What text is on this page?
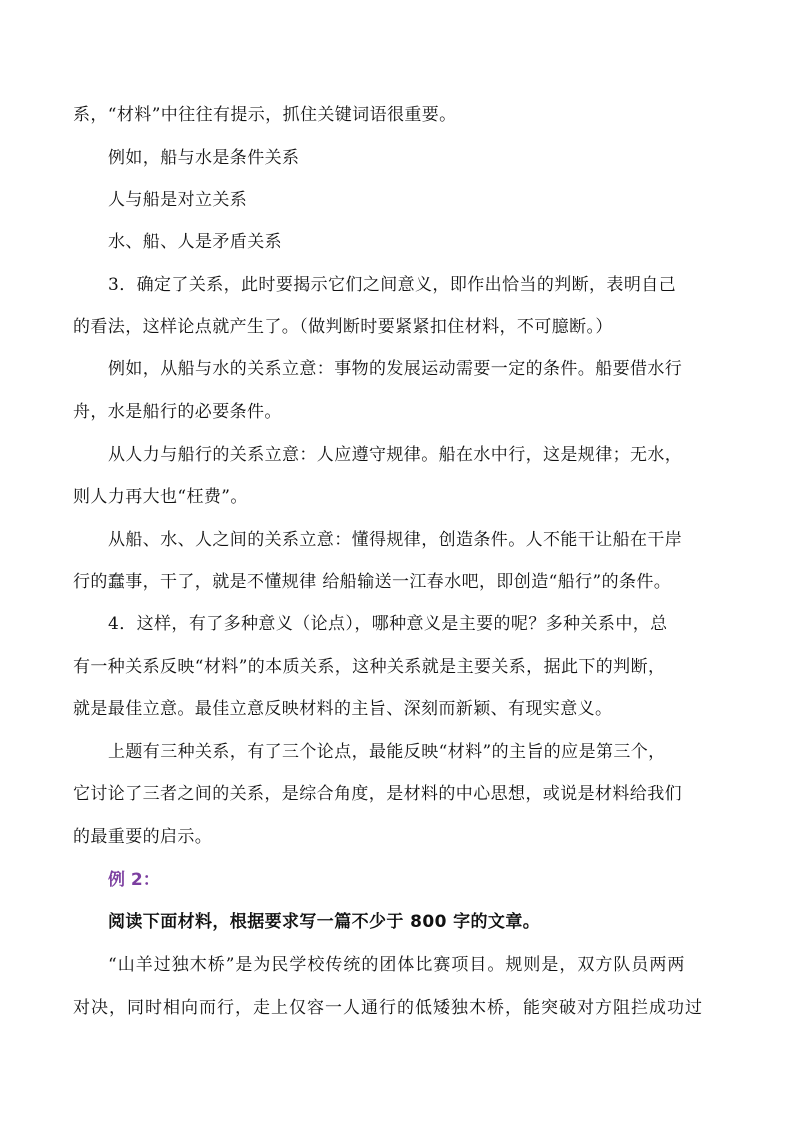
系，“材料”中往往有提示，抓住关键词语很重要。
例如，船与水是条件关系
人与船是对立关系
水、船、人是矛盾关系
3．确定了关系，此时要揭示它们之间意义，即作出恰当的判断，表明自己
的看法，这样论点就产生了。（做判断时要紧紧扣住材料，不可臆断。）
例如，从船与水的关系立意：事物的发展运动需要一定的条件。船要借水行
舟，水是船行的必要条件。
从人力与船行的关系立意：人应遵守规律。船在水中行，这是规律；无水，
则人力再大也“枉费”。
从船、水、人之间的关系立意：懂得规律，创造条件。人不能干让船在干岸
行的蠢事，干了，就是不懂规律 给船输送一江春水吧，即创造“船行”的条件。
4．这样，有了多种意义（论点），哪种意义是主要的呢？多种关系中，总
有一种关系反映“材料”的本质关系，这种关系就是主要关系，据此下的判断，
就是最佳立意。最佳立意反映材料的主旨、深刻而新颖、有现实意义。
上题有三种关系，有了三个论点，最能反映“材料”的主旨的应是第三个，
它讨论了三者之间的关系，是综合角度，是材料的中心思想，或说是材料给我们
的最重要的启示。
例 2：
阅读下面材料，根据要求写一篇不少于 800 字的文章。
“山羊过独木桥”是为民学校传统的团体比赛项目。规则是，双方队员两两
对决，同时相向而行，走上仅容一人通行的低矮独木桥，能突破对方阻拦成功过
